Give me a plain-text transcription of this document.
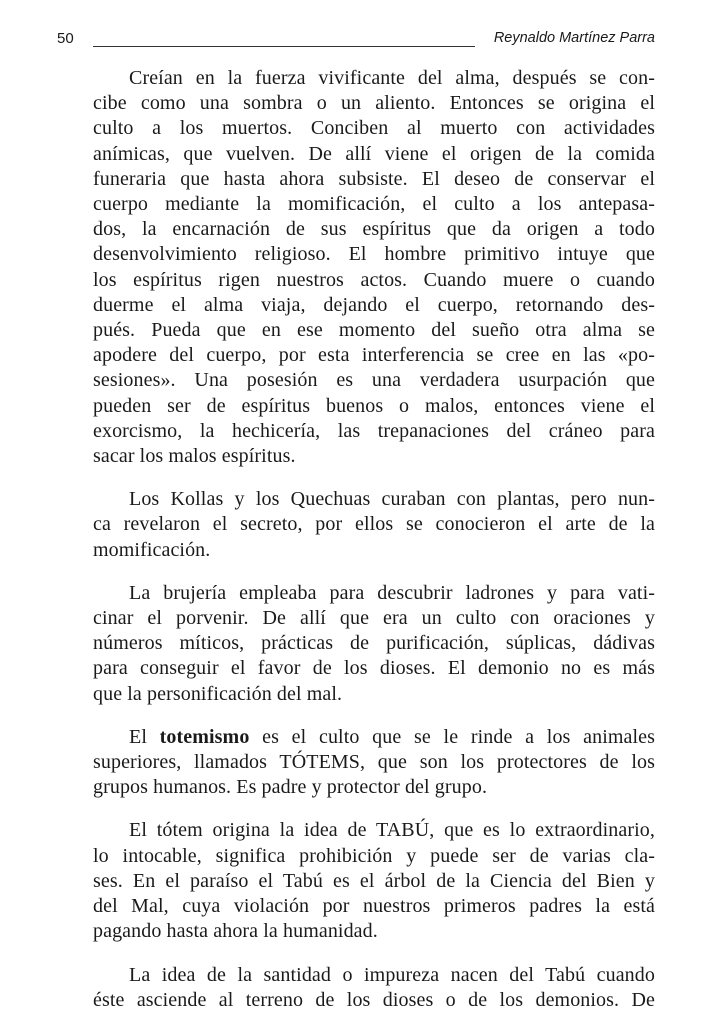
50	Reynaldo Martínez Parra
Creían en la fuerza vivificante del alma, después se con-
cibe como una sombra o un aliento. Entonces se origina el
culto a los muertos. Conciben al muerto con actividades
anímicas, que vuelven. De allí viene el origen de la comida
funeraria que hasta ahora subsiste. El deseo de conservar el
cuerpo mediante la momificación, el culto a los antepasa-
dos, la encarnación de sus espíritus que da origen a todo
desenvolvimiento religioso. El hombre primitivo intuye que
los espíritus rigen nuestros actos. Cuando muere o cuando
duerme el alma viaja, dejando el cuerpo, retornando des-
pués. Pueda que en ese momento del sueño otra alma se
apodere del cuerpo, por esta interferencia se cree en las «po-
sesiones». Una posesión es una verdadera usurpación que
pueden ser de espíritus buenos o malos, entonces viene el
exorcismo, la hechicería, las trepanaciones del cráneo para
sacar los malos espíritus.
Los Kollas y los Quechuas curaban con plantas, pero nun-
ca revelaron el secreto, por ellos se conocieron el arte de la
momificación.
La brujería empleaba para descubrir ladrones y para vati-
cinar el porvenir. De allí que era un culto con oraciones y
números míticos, prácticas de purificación, súplicas, dádivas
para conseguir el favor de los dioses. El demonio no es más
que la personificación del mal.
El totemismo es el culto que se le rinde a los animales
superiores, llamados TÓTEMS, que son los protectores de los
grupos humanos. Es padre y protector del grupo.
El tótem origina la idea de TABÚ, que es lo extraordinario,
lo intocable, significa prohibición y puede ser de varias cla-
ses. En el paraíso el Tabú es el árbol de la Ciencia del Bien y
del Mal, cuya violación por nuestros primeros padres la está
pagando hasta ahora la humanidad.
La idea de la santidad o impureza nacen del Tabú cuando
éste asciende al terreno de los dioses o de los demonios. De
